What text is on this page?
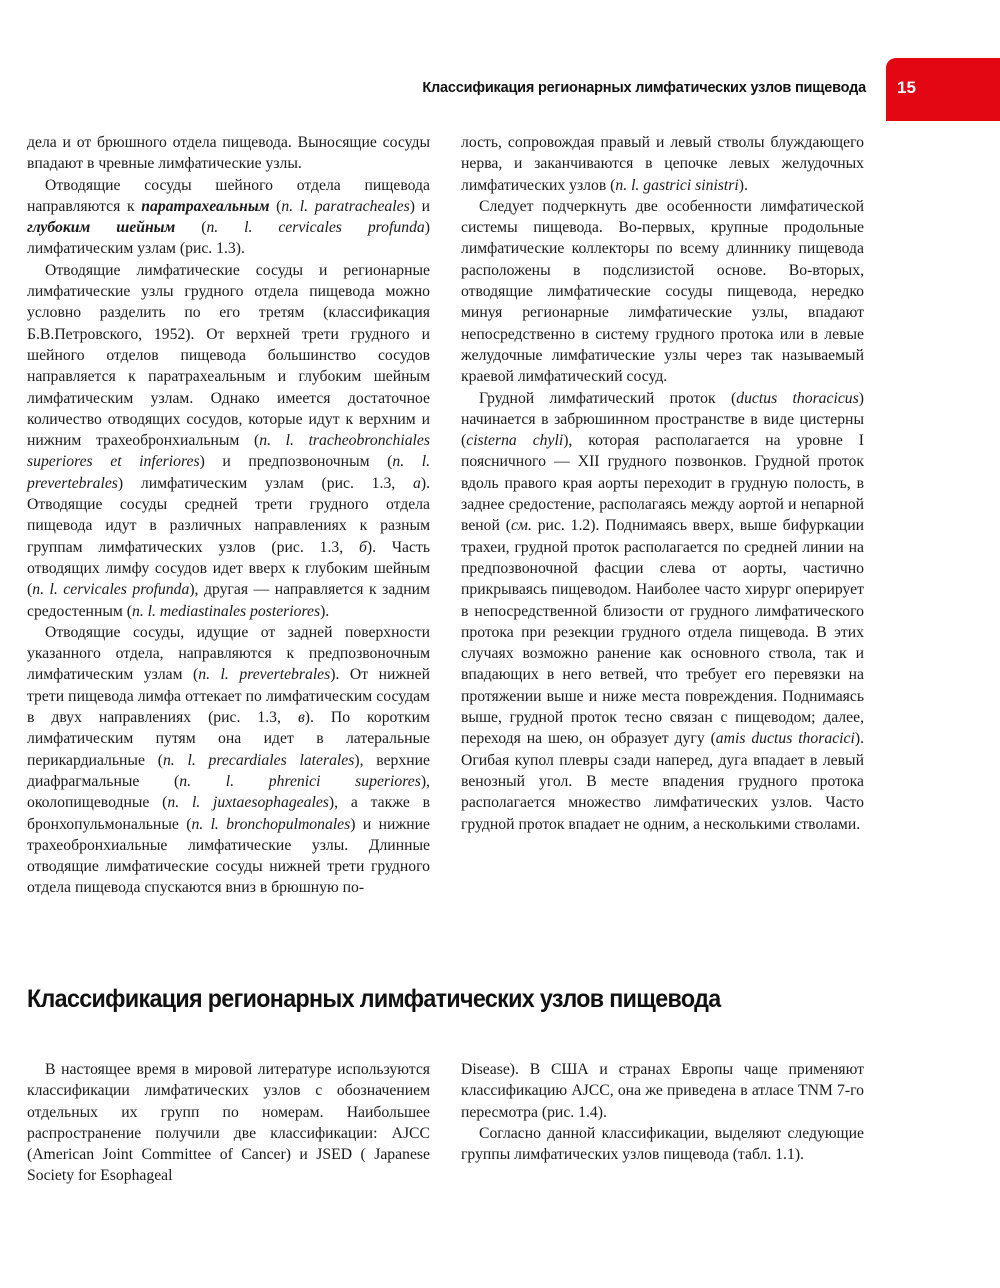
Классификация регионарных лимфатических узлов пищевода 15

дела и от брюшного отдела пищевода. Выносящие сосуды впадают в чревные лимфатические узлы.

Отводящие сосуды шейного отдела пищевода направляются к паратрахеальным (n. l. paratracheales) и глубоким шейным (n. l. cervicales profunda) лимфатическим узлам (рис. 1.3).

Отводящие лимфатические сосуды и регионарные лимфатические узлы грудного отдела пищевода можно условно разделить по его третям (классификация Б.В.Петровского, 1952). От верхней трети грудного и шейного отделов пищевода большинство сосудов направляется к паратрахеальным и глубоким шейным лимфатическим узлам. Однако имеется достаточное количество отводящих сосудов, которые идут к верхним и нижним трахеобронхиальным (n. l. tracheobronchiales superiores et inferiores) и предпозвоночным (n. l. prevertebrales) лимфатическим узлам (рис. 1.3, а). Отводящие сосуды средней трети грудного отдела пищевода идут в различных направлениях к разным группам лимфатических узлов (рис. 1.3, б). Часть отводящих лимфу сосудов идет вверх к глубоким шейным (n. l. cervicales profunda), другая — направляется к задним средостенным (n. l. mediastinales posteriores).

Отводящие сосуды, идущие от задней поверхности указанного отдела, направляются к предпозвоночным лимфатическим узлам (n. l. prevertebrales). От нижней трети пищевода лимфа оттекает по лимфатическим сосудам в двух направлениях (рис. 1.3, в). По коротким лимфатическим путям она идет в латеральные перикардиальные (n. l. precardiales laterales), верхние диафрагмальные (n. l. phrenici superiores), околопищеводные (n. l. juxtaesophageales), а также в бронхопульмональные (n. l. bronchopulmonales) и нижние трахеобронхиальные лимфатические узлы. Длинные отводящие лимфатические сосуды нижней трети грудного отдела пищевода спускаются вниз в брюшную по-

лость, сопровождая правый и левый стволы блуждающего нерва, и заканчиваются в цепочке левых желудочных лимфатических узлов (n. l. gastrici sinistri).

Следует подчеркнуть две особенности лимфатической системы пищевода. Во-первых, крупные продольные лимфатические коллекторы по всему длиннику пищевода расположены в подслизистой основе. Во-вторых, отводящие лимфатические сосуды пищевода, нередко минуя регионарные лимфатические узлы, впадают непосредственно в систему грудного протока или в левые желудочные лимфатические узлы через так называемый краевой лимфатический сосуд.

Грудной лимфатический проток (ductus thoracicus) начинается в забрюшинном пространстве в виде цистерны (cisterna chyli), которая располагается на уровне I поясничного — XII грудного позвонков. Грудной проток вдоль правого края аорты переходит в грудную полость, в заднее средостение, располагаясь между аортой и непарной веной (см. рис. 1.2). Поднимаясь вверх, выше бифуркации трахеи, грудной проток располагается по средней линии на предпозвоночной фасции слева от аорты, частично прикрываясь пищеводом. Наиболее часто хирург оперирует в непосредственной близости от грудного лимфатического протока при резекции грудного отдела пищевода. В этих случаях возможно ранение как основного ствола, так и впадающих в него ветвей, что требует его перевязки на протяжении выше и ниже места повреждения. Поднимаясь выше, грудной проток тесно связан с пищеводом; далее, переходя на шею, он образует дугу (amis ductus thoracici). Огибая купол плевры сзади наперед, дуга впадает в левый венозный угол. В месте впадения грудного протока располагается множество лимфатических узлов. Часто грудной проток впадает не одним, а несколькими стволами.

Классификация регионарных лимфатических узлов пищевода

В настоящее время в мировой литературе используются классификации лимфатических узлов с обозначением отдельных их групп по номерам. Наибольшее распространение получили две классификации: AJCC (American Joint Committee of Cancer) и JSED ( Japanese Society for Esophageal

Disease). В США и странах Европы чаще применяют классификацию AJCC, она же приведена в атласе TNM 7-го пересмотра (рис. 1.4).

Согласно данной классификации, выделяют следующие группы лимфатических узлов пищевода (табл. 1.1).
